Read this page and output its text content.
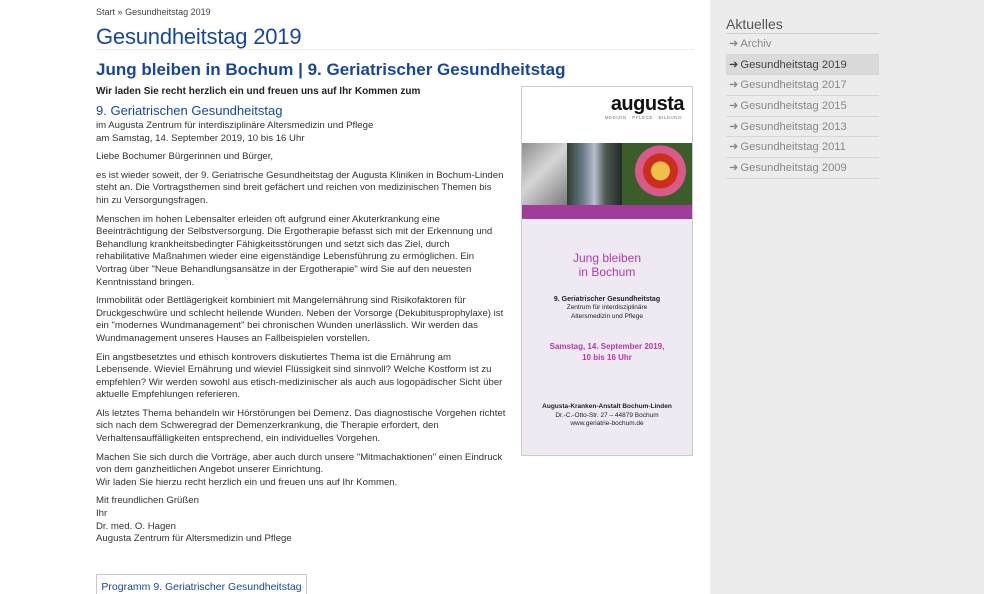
Start » Gesundheitstag 2019
Gesundheitstag 2019
Jung bleiben in Bochum | 9. Geriatrischer Gesundheitstag
Wir laden Sie recht herzlich ein und freuen uns auf Ihr Kommen zum
9. Geriatrischen Gesundheitstag
im Augusta Zentrum für interdisziplinäre Altersmedizin und Pflege

am Samstag, 14. September 2019, 10 bis 16 Uhr

Liebe Bochumer Bürgerinnen und Bürger,

es ist wieder soweit, der 9. Geriatrische Gesundheitstag der Augusta Kliniken in Bochum-Linden steht an. Die Vortragsthemen sind breit gefächert und reichen von medizinischen Themen bis hin zu Versorgungsfragen.

Menschen im hohen Lebensalter erleiden oft aufgrund einer Akuterkrankung eine Beeinträchtigung der Selbstversorgung. Die Ergotherapie befasst sich mit der Erkennung und Behandlung krankheitsbedingter Fähigkeitsstörungen und setzt sich das Ziel, durch rehabilitative Maßnahmen wieder eine eigenständige Lebensführung zu ermöglichen. Ein Vortrag über "Neue Behandlungsansätze in der Ergotherapie" wird Sie auf den neuesten Kenntnisstand bringen.

Immobilität oder Bettlägerigkeit kombiniert mit Mangelernährung sind Risikofaktoren für Druckgeschwüre und schlecht heilende Wunden. Neben der Vorsorge (Dekubitusprophylaxe) ist ein "modernes Wundmanagement" bei chronischen Wunden unerlässlich. Wir werden das Wundmanagement unseres Hauses an Fallbeispielen vorstellen.

Ein angstbesetztes und ethisch kontrovers diskutiertes Thema ist die Ernährung am Lebensende. Wieviel Ernährung und wieviel Flüssigkeit sind sinnvoll? Welche Kostform ist zu empfehlen? Wir werden sowohl aus etisch-medizinischer als auch aus logopädischer Sicht über aktuelle Empfehlungen referieren.

Als letztes Thema behandeln wir Hörstörungen bei Demenz. Das diagnostische Vorgehen richtet sich nach dem Schweregrad der Demenzerkrankung, die Therapie erfordert, den Verhaltensauffälligkeiten entsprechend, ein individuelles Vorgehen.

Machen Sie sich durch die Vorträge, aber auch durch unsere "Mitmachaktionen" einen Eindruck von dem ganzheitlichen Angebot unserer Einrichtung.

Wir laden Sie hierzu recht herzlich ein und freuen uns auf Ihr Kommen.

Mit freundlichen Grüßen
Ihr
Dr. med. O. Hagen
Augusta Zentrum für Altersmedizin und Pflege
augusta
MEDIZIN · PFLEGE · BILDUNG
Jung bleiben
in Bochum
9. Geriatrischer Gesundheitstag
Zentrum für interdisziplinäre
Altersmedizin und Pflege
Samstag, 14. September 2019,
10 bis 16 Uhr
Augusta-Kranken-Anstalt Bochum-Linden
Dr.-C.-Otto-Str. 27 – 44879 Bochum
www.geriatrie-bochum.de
Programm 9. Geriatrischer Gesundheitstag
Aktuelles
➜ Archiv
➜ Gesundheitstag 2019
➜ Gesundheitstag 2017
➜ Gesundheitstag 2015
➜ Gesundheitstag 2013
➜ Gesundheitstag 2011
➜ Gesundheitstag 2009
